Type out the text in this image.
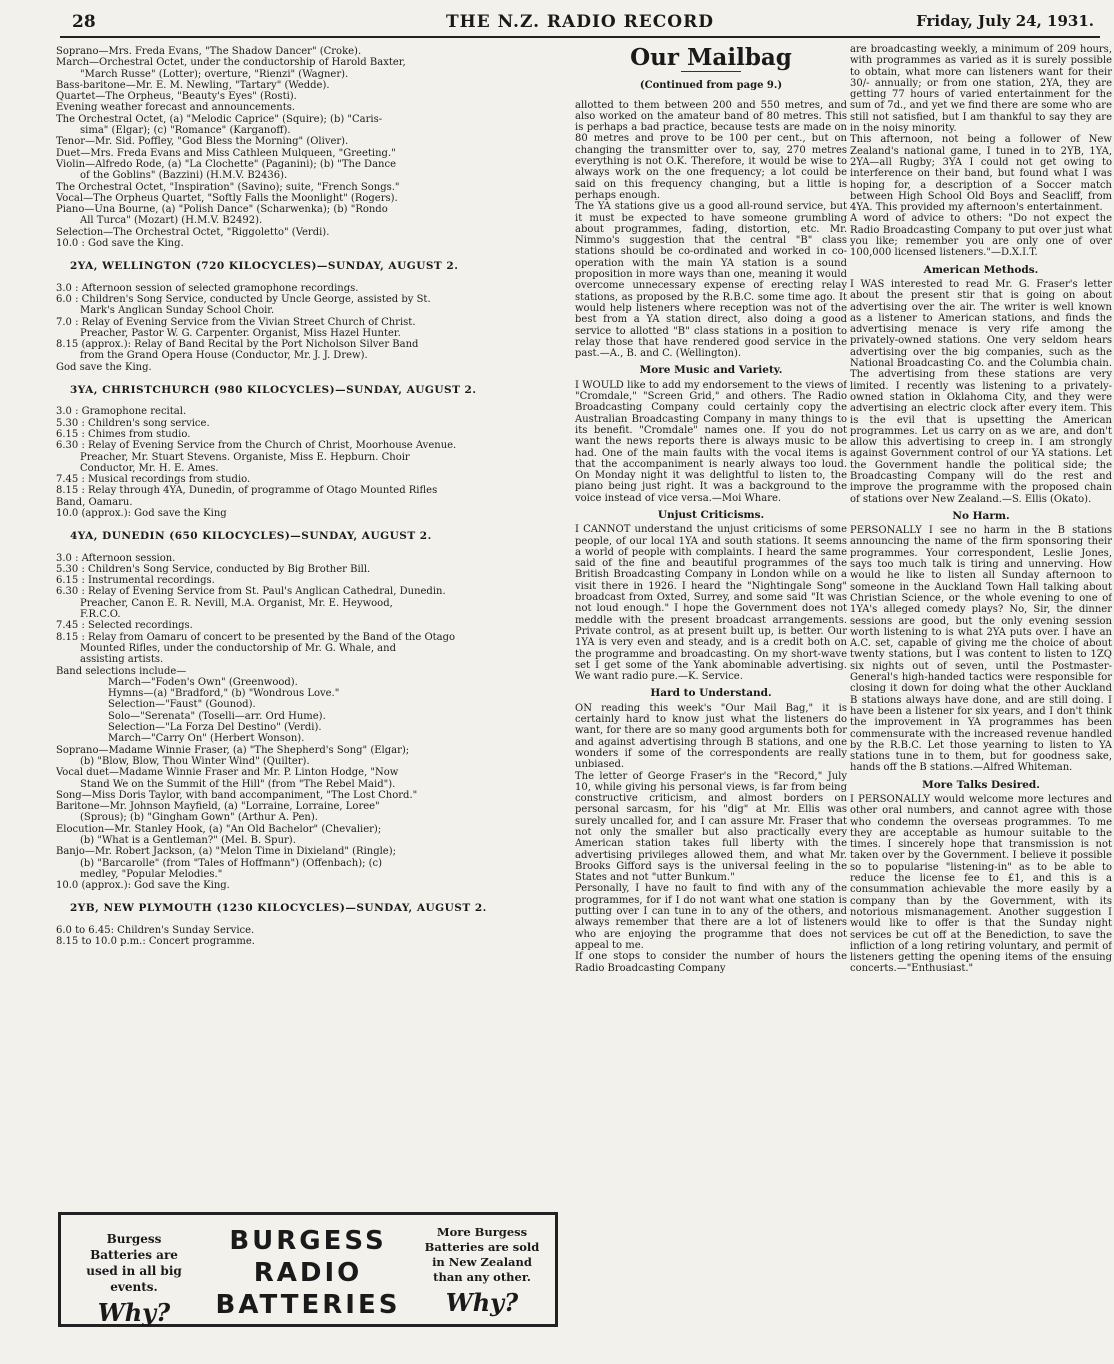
28	THE N.Z. RADIO RECORD	Friday, July 24, 1931.
Soprano—Mrs. Freda Evans, "The Shadow Dancer" (Croke).
March—Orchestral Octet, under the conductorship of Harold Baxter,
"March Russe" (Lotter); overture, "Rienzi" (Wagner).
Bass-baritone—Mr. E. M. Newling, "Tartary" (Wedde).
Quartet—The Orpheus, "Beauty's Eyes" (Rosti).
Evening weather forecast and announcements.
The Orchestral Octet, (a) "Melodic Caprice" (Squire); (b) "Caris-
sima" (Elgar); (c) "Romance" (Karganoff).
Tenor—Mr. Sid. Poffley, "God Bless the Morning" (Oliver).
Duet—Mrs. Freda Evans and Miss Cathleen Mulqueen, "Greeting."
Violin—Alfredo Rode, (a) "La Clochette" (Paganini); (b) "The Dance
of the Goblins" (Bazzini) (H.M.V. B2436).
The Orchestral Octet, "Inspiration" (Savino); suite, "French Songs."
Vocal—The Orpheus Quartet, "Softly Falls the Moonlight" (Rogers).
Piano—Una Bourne, (a) "Polish Dance" (Scharwenka); (b) "Rondo
All Turca" (Mozart) (H.M.V. B2492).
Selection—The Orchestral Octet, "Riggoletto" (Verdi).
10.0 : God save the King.
2YA, WELLINGTON (720 KILOCYCLES)—SUNDAY, AUGUST 2.
3.0 : Afternoon session of selected gramophone recordings.
6.0 : Children's Song Service, conducted by Uncle George, assisted by St.
Mark's Anglican Sunday School Choir.
7.0 : Relay of Evening Service from the Vivian Street Church of Christ.
Preacher, Pastor W. G. Carpenter. Organist, Miss Hazel Hunter.
8.15 (approx.): Relay of Band Recital by the Port Nicholson Silver Band
from the Grand Opera House (Conductor, Mr. J. J. Drew).
God save the King.
3YA, CHRISTCHURCH (980 KILOCYCLES)—SUNDAY, AUGUST 2.
3.0 : Gramophone recital.
5.30 : Children's song service.
6.15 : Chimes from studio.
6.30 : Relay of Evening Service from the Church of Christ, Moorhouse Avenue.
Preacher, Mr. Stuart Stevens. Organiste, Miss E. Hepburn. Choir
Conductor, Mr. H. E. Ames.
7.45 : Musical recordings from studio.
8.15 : Relay through 4YA, Dunedin, of programme of Otago Mounted Rifles
Band, Oamaru.
10.0 (approx.): God save the King
4YA, DUNEDIN (650 KILOCYCLES)—SUNDAY, AUGUST 2.
3.0 : Afternoon session.
5.30 : Children's Song Service, conducted by Big Brother Bill.
6.15 : Instrumental recordings.
6.30 : Relay of Evening Service from St. Paul's Anglican Cathedral, Dunedin.
Preacher, Canon E. R. Nevill, M.A. Organist, Mr. E. Heywood,
F.R.C.O.
7.45 : Selected recordings.
8.15 : Relay from Oamaru of concert to be presented by the Band of the Otago
Mounted Rifles, under the conductorship of Mr. G. Whale, and
assisting artists.
Band selections include—
March—"Foden's Own" (Greenwood).
Hymns—(a) "Bradford," (b) "Wondrous Love."
Selection—"Faust" (Gounod).
Solo—"Serenata" (Toselli—arr. Ord Hume).
Selection—"La Forza Del Destino" (Verdi).
March—"Carry On" (Herbert Wonson).
Soprano—Madame Winnie Fraser, (a) "The Shepherd's Song" (Elgar);
(b) "Blow, Blow, Thou Winter Wind" (Quilter).
Vocal duet—Madame Winnie Fraser and Mr. P. Linton Hodge, "Now
Stand We on the Summit of the Hill" (from "The Rebel Maid").
Song—Miss Doris Taylor, with band accompaniment, "The Lost Chord."
Baritone—Mr. Johnson Mayfield, (a) "Lorraine, Lorraine, Loree"
(Sprous); (b) "Gingham Gown" (Arthur A. Pen).
Elocution—Mr. Stanley Hook, (a) "An Old Bachelor" (Chevalier);
(b) "What is a Gentleman?" (Mel. B. Spur).
Banjo—Mr. Robert Jackson, (a) "Melon Time in Dixieland" (Ringle);
(b) "Barcarolle" (from "Tales of Hoffmann") (Offenbach); (c)
medley, "Popular Melodies."
10.0 (approx.): God save the King.
2YB, NEW PLYMOUTH (1230 KILOCYCLES)—SUNDAY, AUGUST 2.
6.0 to 6.45: Children's Sunday Service.
8.15 to 10.0 p.m.: Concert programme.
Burgess Batteries are used in all big events.
Why?
BURGESS
RADIO
BATTERIES
More Burgess Batteries are sold in New Zealand than any other.
Why?
Our Mailbag
(Continued from page 9.)

allotted to them between 200 and 550 metres, and also worked on the amateur band of 80 metres. This is perhaps a bad practice, because tests are made on 80 metres and prove to be 100 per cent., but on changing the transmitter over to, say, 270 metres everything is not O.K. Therefore, it would be wise to always work on the one frequency; a lot could be said on this frequency changing, but a little is perhaps enough.

The YA stations give us a good all-round service, but it must be expected to have someone grumbling about programmes, fading, distortion, etc. Mr. Nimmo's suggestion that the central "B" class stations should be co-ordinated and worked in co-operation with the main YA station is a sound proposition in more ways than one, meaning it would overcome unnecessary expense of erecting relay stations, as proposed by the R.B.C. some time ago. It would help listeners where reception was not of the best from a YA station direct, also doing a good service to allotted "B" class stations in a position to relay those that have rendered good service in the past.—A., B. and C. (Wellington).

More Music and Variety.

I WOULD like to add my endorsement to the views of "Cromdale," "Screen Grid," and others. The Radio Broadcasting Company could certainly copy the Australian Broadcasting Company in many things to its benefit. "Cromdale" names one. If you do not want the news reports there is always music to be had. One of the main faults with the vocal items is that the accompaniment is nearly always too loud. On Monday night it was delightful to listen to, the piano being just right. It was a background to the voice instead of vice versa.—Moi Whare.

Unjust Criticisms.

I CANNOT understand the unjust criticisms of some people, of our local 1YA and south stations. It seems a world of people with complaints. I heard the same said of the fine and beautiful programmes of the British Broadcasting Company in London while on a visit there in 1926. I heard the "Nightingale Song" broadcast from Oxted, Surrey, and some said "It was not loud enough." I hope the Government does not meddle with the present broadcast arrangements. Private control, as at present built up, is better. Our 1YA is very even and steady, and is a credit both on the programme and broadcasting. On my short-wave set I get some of the Yank abominable advertising. We want radio pure.—K. Service.

Hard to Understand.

ON reading this week's "Our Mail Bag," it is certainly hard to know just what the listeners do want, for there are so many good arguments both for and against advertising through B stations, and one wonders if some of the correspondents are really unbiased.

The letter of George Fraser's in the "Record," July 10, while giving his personal views, is far from being constructive criticism, and almost borders on personal sarcasm, for his "dig" at Mr. Ellis was surely uncalled for, and I can assure Mr. Fraser that not only the smaller but also practically every American station takes full liberty with the advertising privileges allowed them, and what Mr. Brooks Gifford says is the universal feeling in the States and not "utter Bunkum."

Personally, I have no fault to find with any of the programmes, for if I do not want what one station is putting over I can tune in to any of the others, and always remember that there are a lot of listeners who are enjoying the programme that does not appeal to me.

If one stops to consider the number of hours the Radio Broadcasting Company

are broadcasting weekly, a minimum of 209 hours, with programmes as varied as it is surely possible to obtain, what more can listeners want for their 30/- annually; or from one station, 2YA, they are getting 77 hours of varied entertainment for the sum of 7d., and yet we find there are some who are still not satisfied, but I am thankful to say they are in the noisy minority.

This afternoon, not being a follower of New Zealand's national game, I tuned in to 2YB, 1YA, 2YA—all Rugby; 3YA I could not get owing to interference on their band, but found what I was hoping for, a description of a Soccer match between High School Old Boys and Seacliff, from 4YA. This provided my afternoon's entertainment.

A word of advice to others: "Do not expect the Radio Broadcasting Company to put over just what you like; remember you are only one of over 100,000 licensed listeners."—D.X.I.T.

American Methods.

I WAS interested to read Mr. G. Fraser's letter about the present stir that is going on about advertising over the air. The writer is well known as a listener to American stations, and finds the advertising menace is very rife among the privately-owned stations. One very seldom hears advertising over the big companies, such as the National Broadcasting Co. and the Columbia chain. The advertising from these stations are very limited. I recently was listening to a privately-owned station in Oklahoma City, and they were advertising an electric clock after every item. This is the evil that is upsetting the American programmes. Let us carry on as we are, and don't allow this advertising to creep in. I am strongly against Government control of our YA stations. Let the Government handle the political side; the Broadcasting Company will do the rest and improve the programme with the proposed chain of stations over New Zealand.—S. Ellis (Okato).

No Harm.

PERSONALLY I see no harm in the B stations announcing the name of the firm sponsoring their programmes. Your correspondent, Leslie Jones, says too much talk is tiring and unnerving. How would he like to listen all Sunday afternoon to someone in the Auckland Town Hall talking about Christian Science, or the whole evening to one of 1YA's alleged comedy plays? No, Sir, the dinner sessions are good, but the only evening session worth listening to is what 2YA puts over. I have an A.C. set, capable of giving me the choice of about twenty stations, but I was content to listen to 1ZQ six nights out of seven, until the Postmaster-General's high-handed tactics were responsible for closing it down for doing what the other Auckland B stations always have done, and are still doing. I have been a listener for six years, and I don't think the improvement in YA programmes has been commensurate with the increased revenue handled by the R.B.C. Let those yearning to listen to YA stations tune in to them, but for goodness sake, hands off the B stations.—Alfred Whiteman.

More Talks Desired.

I PERSONALLY would welcome more lectures and other oral numbers, and cannot agree with those who condemn the overseas programmes. To me they are acceptable as humour suitable to the times. I sincerely hope that transmission is not taken over by the Government. I believe it possible so to popularise "listening-in" as to be able to reduce the license fee to £1, and this is a consummation achievable the more easily by a company than by the Government, with its notorious mismanagement. Another suggestion I would like to offer is that the Sunday night services be cut off at the Benediction, to save the infliction of a long retiring voluntary, and permit of listeners getting the opening items of the ensuing concerts.—"Enthusiast."
